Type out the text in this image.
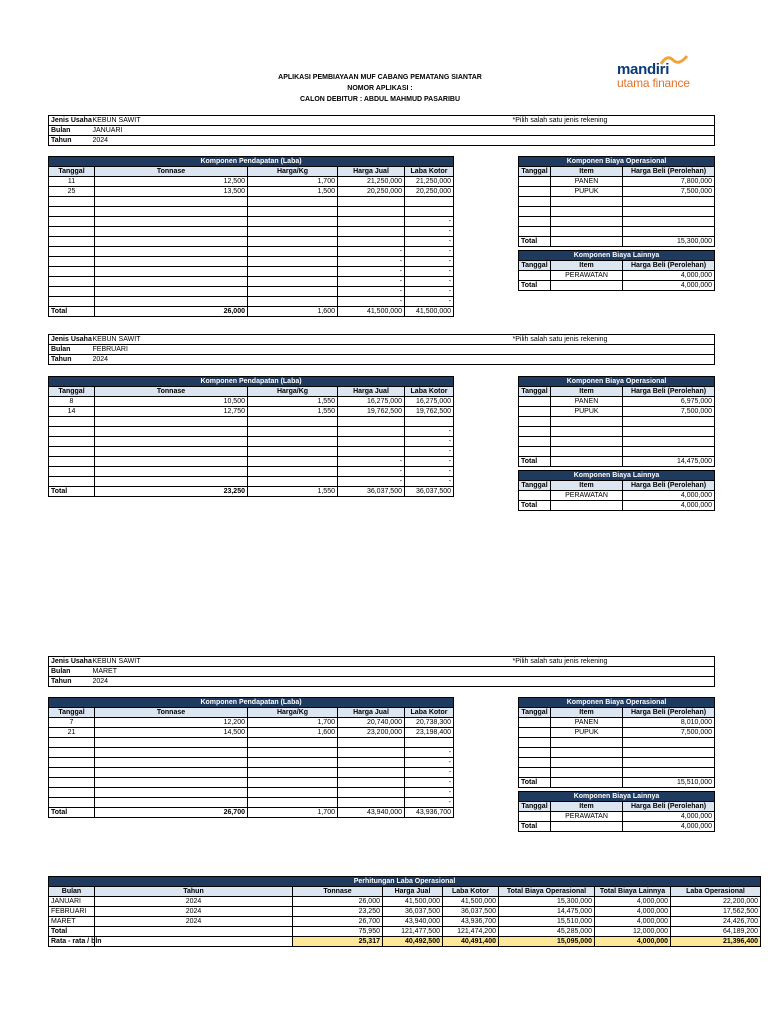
APLIKASI PEMBIAYAAN MUF CABANG PEMATANG SIANTAR
NOMOR APLIKASI :
CALON DEBITUR : ABDUL MAHMUD PASARIBU
mandiri
utama finance
Jenis Usaha	KEBUN SAWIT	*Pilih salah satu jenis rekening
Bulan	JANUARI	
Tahun	2024	
Komponen Pendapatan (Laba)				
Tanggal	Tonnase	Harga/Kg	Harga Jual	Laba Kotor
11	12,500	1,700	21,250,000	21,250,000
25	13,500	1,500	20,250,000	20,250,000

				-
				-
				-
			-	-
			-	-
			-	-
			-	-
			-	-
			-	-
Total	26,000	1,600	41,500,000	41,500,000
Komponen Biaya Operasional		
Tanggal	Item	Harga Beli (Perolehan)
	PANEN	7,800,000
	PUPUK	7,500,000

Total		15,300,000
Komponen Biaya Lainnya		
Tanggal	Item	Harga Beli (Perolehan)
	PERAWATAN	4,000,000
Total		4,000,000
Jenis Usaha	KEBUN SAWIT	*Pilih salah satu jenis rekening
Bulan	FEBRUARI	
Tahun	2024	
Komponen Pendapatan (Laba)				
Tanggal	Tonnase	Harga/Kg	Harga Jual	Laba Kotor
8	10,500	1,550	16,275,000	16,275,000
14	12,750	1,550	19,762,500	19,762,500

				-
				-
				-
			-	-
			-	-
			-	-
Total	23,250	1,550	36,037,500	36,037,500
Komponen Biaya Operasional		
Tanggal	Item	Harga Beli (Perolehan)
	PANEN	6,975,000
	PUPUK	7,500,000

Total		14,475,000
Komponen Biaya Lainnya		
Tanggal	Item	Harga Beli (Perolehan)
	PERAWATAN	4,000,000
Total		4,000,000
Jenis Usaha	KEBUN SAWIT	*Pilih salah satu jenis rekening
Bulan	MARET	
Tahun	2024	
Komponen Pendapatan (Laba)				
Tanggal	Tonnase	Harga/Kg	Harga Jual	Laba Kotor
7	12,200	1,700	20,740,000	20,738,300
21	14,500	1,600	23,200,000	23,198,400

				-
				-
				-
				-
				-
				-
Total	26,700	1,700	43,940,000	43,936,700
Komponen Biaya Operasional		
Tanggal	Item	Harga Beli (Perolehan)
	PANEN	8,010,000
	PUPUK	7,500,000

Total		15,510,000
Komponen Biaya Lainnya		
Tanggal	Item	Harga Beli (Perolehan)
	PERAWATAN	4,000,000
Total		4,000,000
Perhitungan Laba Operasional							
Bulan	Tahun	Tonnase	Harga Jual	Laba Kotor	Total Biaya Operasional	Total Biaya Lainnya	Laba Operasional
JANUARI	2024	26,000	41,500,000	41,500,000	15,300,000	4,000,000	22,200,000
FEBRUARI	2024	23,250	36,037,500	36,037,500	14,475,000	4,000,000	17,562,500
MARET	2024	26,700	43,940,000	43,936,700	15,510,000	4,000,000	24,426,700
Total		75,950	121,477,500	121,474,200	45,285,000	12,000,000	64,189,200
Rata - rata / bln		25,317	40,492,500	40,491,400	15,095,000	4,000,000	21,396,400
